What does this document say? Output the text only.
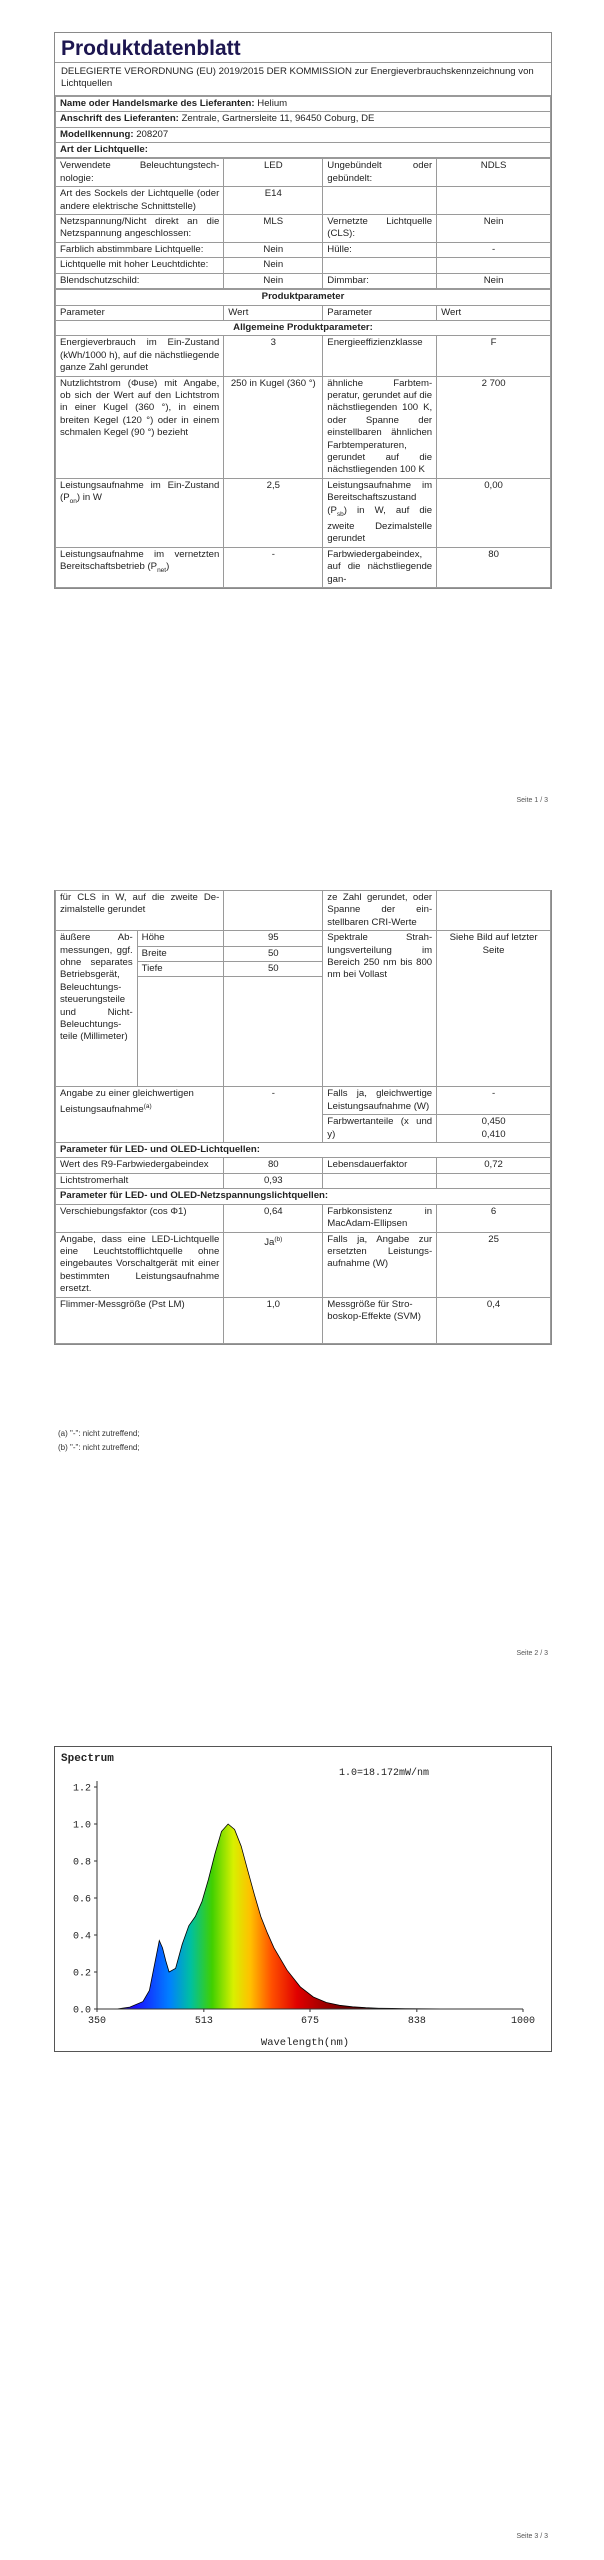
Produktdatenblatt
DELEGIERTE VERORDNUNG (EU) 2019/2015 DER KOMMISSION zur Energieverbrauchskennzeichnung von Lichtquellen
Name oder Handelsmarke des Lieferanten: Helium
Anschrift des Lieferanten: Zentrale, Gartnersleite 11, 96450 Coburg, DE
Modellkennung: 208207
Art der Lichtquelle:
Verwendete Beleuchtungstechnologie:	LED	Ungebündelt oder gebündelt:	NDLS
Art des Sockels der Lichtquelle (oder andere elektrische Schnittstelle)	E14		
Netzspannung/Nicht direkt an die Netzspannung angeschlossen:	MLS	Vernetzte Lichtquelle (CLS):	Nein
Farblich abstimmbare Lichtquelle:	Nein	Hülle:	-
Lichtquelle mit hoher Leuchtdichte:	Nein		
Blendschutzschild:	Nein	Dimmbar:	Nein
Produktparameter			
Parameter	Wert	Parameter	Wert
Allgemeine Produktparameter:			
Energieverbrauch im Ein-Zustand (kWh/1000 h), auf die nächstliegende ganze Zahl gerundet	3	Energieeffizienzklasse	F
Nutzlichtstrom (Φuse) mit Angabe, ob sich der Wert auf den Lichtstrom in einer Kugel (360 °), in einem breiten Kegel (120 °) oder in einem schmalen Kegel (90 °) bezieht	250 in Kugel (360 °)	ähnliche Farbtemperatur, gerundet auf die nächstliegenden 100 K, oder Spanne der einstellbaren ähnlichen Farbtemperaturen, gerundet auf die nächstliegenden 100 K	2 700
Leistungsaufnahme im Ein-Zustand $(P_{on})$ in W	2,5	Leistungsaufnahme im Bereitschaftszustand $(P_{sb})$ in W, auf die zweite Dezimalstelle gerundet	0,00
Leistungsaufnahme im vernetzten Bereitschaftsbetrieb $(P_{net})$	-	Farbwiedergabeindex, auf die nächstliegende gan-	80
Seite 1 / 3
für CLS in W, auf die zweite Dezimalstelle gerundet			ze Zahl gerundet, oder Spanne der einstellbaren CRI-Werte	
äußere Abmessungen, ggf. ohne separates Betriebsgerät, Beleuchtungssteuerungsteile und Nicht-Beleuchtungsteile (Millimeter)	Höhe	95	Spektrale Strahlungsverteilung im Bereich 250 nm bis 800 nm bei Vollast	Siehe Bild auf letzter Seite
	Breite	50		
	Tiefe	50		

Angabe zu einer gleichwertigen Leistungsaufnahme$^{(a)}$		-	Falls ja, gleichwertige Leistungsaufnahme (W)	-
			Farbwertanteile (x und y)	0,450
0,410
Parameter für LED- und OLED-Lichtquellen:				
Wert des R9-Farbwiedergabeindex		80	Lebensdauerfaktor	0,72
Lichtstromerhalt		0,93		
Parameter für LED- und OLED-Netzspannungslichtquellen:				
Verschiebungsfaktor (cos Φ1)		0,64	Farbkonsistenz in MacAdam-Ellipsen	6
Angabe, dass eine LED-Lichtquelle eine Leuchtstofflichtquelle ohne eingebautes Vorschaltgerät mit einer bestimmten Leistungsaufnahme ersetzt.		Ja$^{(b)}$	Falls ja, Angabe zur ersetzten Leistungsaufnahme (W)	25
Flimmer-Messgröße (Pst LM)		1,0	Messgröße für Stroboskop-Effekte (SVM)	0,4
(a) "-": nicht zutreffend;
(b) "-": nicht zutreffend;
Seite 2 / 3
Spectrum
1.0=18.172mW/nm
0.0
0.2
0.4
0.6
0.8
1.0
1.2
350	513	675	838	1000
Wavelength(nm)
Seite 3 / 3
